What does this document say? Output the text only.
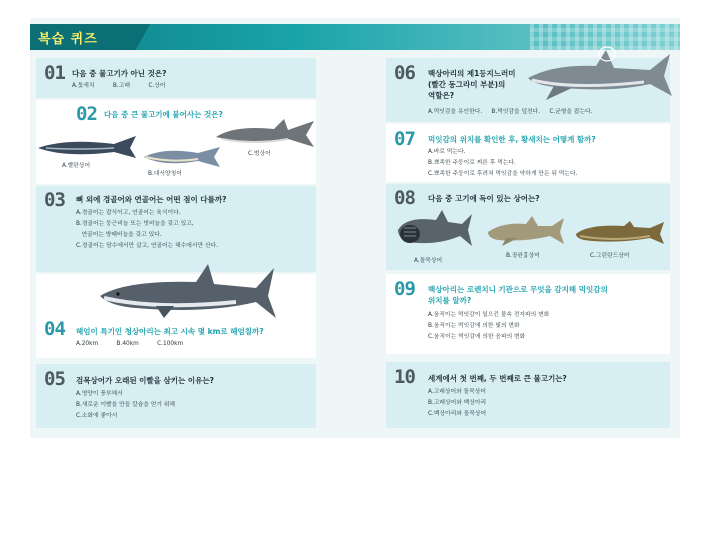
복습 퀴즈
01 다음 중 물고기가 아닌 것은?
A.돛새치          B.고래          C.상어
02 다음 중 큰 물고기에 붙어사는 것은?
A.빨판상어
B.대서양청어
C.범상어
03 뼈 외에 경골어와 연골어는 어떤 점이 다를까?
A.경골어는 잡식이고, 연골어는 육식이다.
B.경골어는 둥근비늘 또는 빗비늘을 갖고 있고,
연골어는 방패비늘을 갖고 있다.
C.경골어는 담수에서만 살고, 연골어는 해수에서만 산다.
04 헤엄이 특기인 청상아리는 최고 시속 몇 km로 헤엄칠까?
A.20km          B.40km          C.100km
05 검목상어가 오래된 이빨을 삼키는 이유는?
A.영양이 풍부해서
B.새로운 이빨을 만들 칼슘을 얻기 위해
C.소화에 좋아서
06 백상아리의 제1등지느러미
(빨간 동그라미 부분)의
역할은?
A.먹잇감을 유인한다.     B.먹잇감을 덮친다.     C.균형을 잡는다.
07 먹잇감의 위치를 확인한 후, 황새치는 어떻게 할까?
A.바로 먹는다.
B.뾰족한 주둥이로 찌른 후 먹는다.
C.뾰족한 주둥이로 후려쳐 먹잇감을 약하게 만든 뒤 먹는다.
08 다음 중 고기에 독이 있는 상어는?
A.돌묵상어
B.장완흉상어	C.그린란드상어
09 백상아리는 로렌치니 기관으로 무엇을 감지해 먹잇감의
위치를 알까?
A.움직이는 먹잇감이 일으킨 물속 전자파의 변화
B.움직이는 먹잇감에 의한 빛의 변화
C.움직이는 먹잇감에 의한 음파의 변화
10 세계에서 첫 번째, 두 번째로 큰 물고기는?
A.고래상어와 돌묵상어
B.고래상어와 백상아리
C.백상아리와 돌묵상어
